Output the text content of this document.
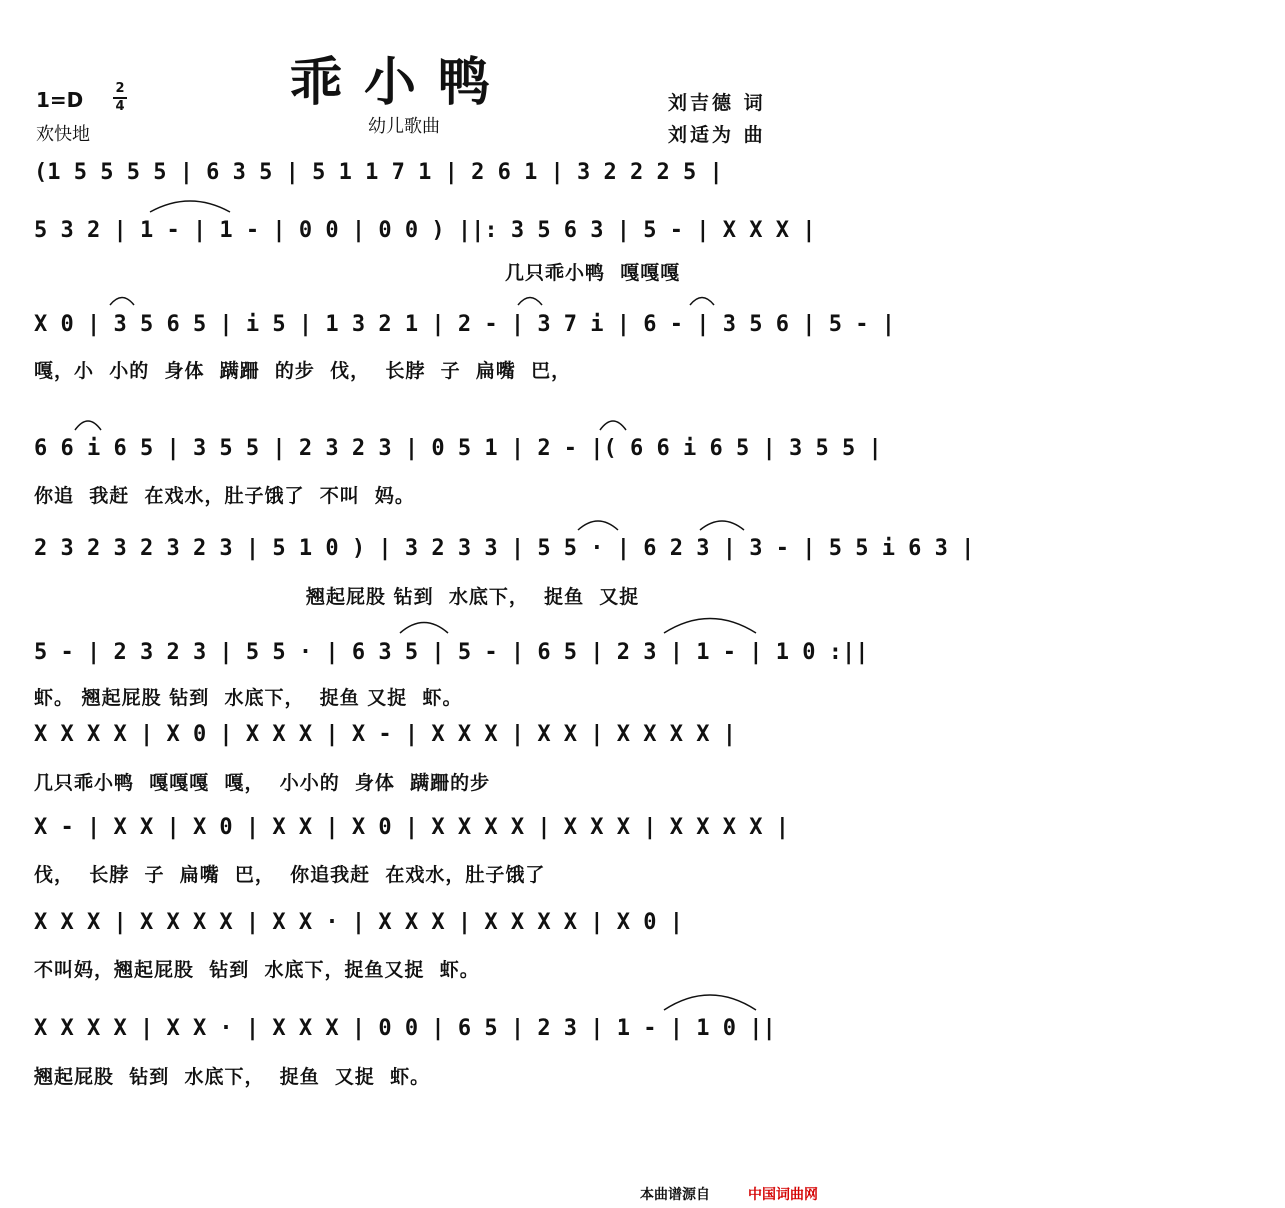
乖小鸭
幼儿歌曲
1=D 2
4
欢快地
刘吉德 词
刘适为 曲
(1 5 5 5 5 | 6 3 5 | 5 1 1 7 1 | 2 6 1 | 3 2 2 2 5 |
5 3 2 | 1 - | 1 - | 0 0 | 0 0 ) ||: 3 5 6 3 | 5 - | X X X |
几只乖小鸭  嘎嘎嘎
X 0 | 3 5 6 5 | i 5 | 1 3 2 1 | 2 - | 3 7 i | 6 - | 3 5 6 | 5 - |
嘎，小  小的  身体  蹒跚  的步  伐，  长脖  子  扁嘴  巴，
6 6 i 6 5 | 3 5 5 | 2 3 2 3 | 0 5 1 | 2 - |( 6 6 i 6 5 | 3 5 5 |
你追  我赶  在戏水，肚子饿了  不叫  妈。
2 3 2 3 2 3 2 3 | 5 1 0 ) | 3 2 3 3 | 5 5 · | 6 2 3 | 3 - | 5 5 i 6 3 |
翘起屁股 钻到  水底下，  捉鱼  又捉
5 - | 2 3 2 3 | 5 5 · | 6 3 5 | 5 - | 6 5 | 2 3 | 1 - | 1 0 :||
虾。 翘起屁股 钻到  水底下，  捉鱼 又捉  虾。
X X X X | X 0 | X X X | X - | X X X | X X | X X X X |
几只乖小鸭  嘎嘎嘎  嘎，  小小的  身体  蹒跚的步
X - | X X | X 0 | X X | X 0 | X X X X | X X X | X X X X |
伐，  长脖  子  扁嘴  巴，  你追我赶  在戏水，肚子饿了
X X X | X X X X | X X · | X X X | X X X X | X 0 |
不叫妈，翘起屁股  钻到  水底下，捉鱼又捉  虾。
X X X X | X X · | X X X | 0 0 | 6 5 | 2 3 | 1 - | 1 0 ||
翘起屁股  钻到  水底下，  捉鱼  又捉  虾。
本曲谱源自	中国词曲网
